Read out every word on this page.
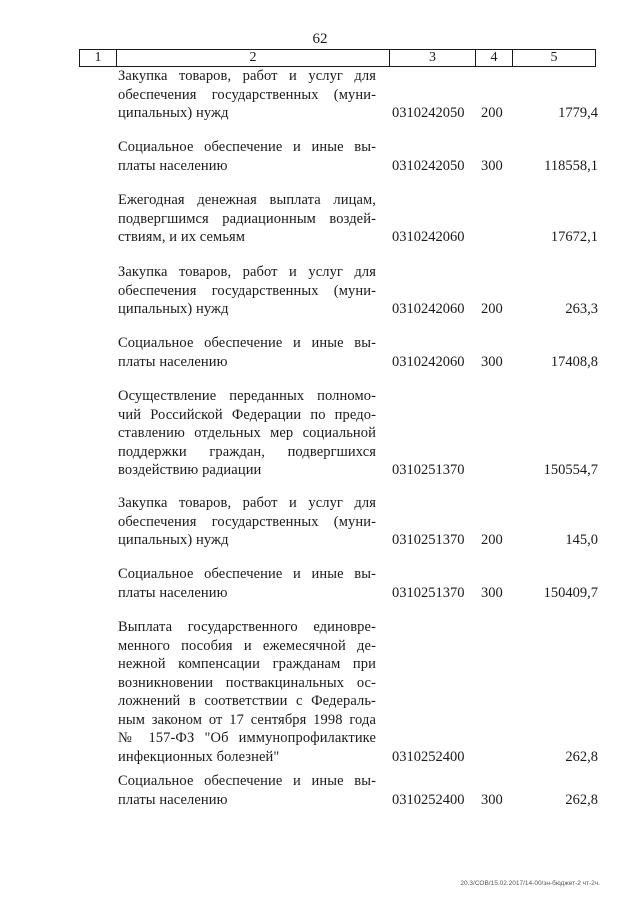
62
1	2	3	4	5
Закупка товаров, работ и услуг для
обеспечения государственных (муни-
ципальных) нужд	0310242050 200	1779,4
Социальное обеспечение и иные вы-
платы населению	0310242050 300	118558,1
Ежегодная денежная выплата лицам,
подвергшимся радиационным воздей-
ствиям, и их семьям	0310242060	17672,1
Закупка товаров, работ и услуг для
обеспечения государственных (муни-
ципальных) нужд	0310242060 200	263,3
Социальное обеспечение и иные вы-
платы населению	0310242060 300	17408,8
Осуществление переданных полномо-
чий Российской Федерации по предо-
ставлению отдельных мер социальной
поддержки граждан, подвергшихся
воздействию радиации	0310251370	150554,7
Закупка товаров, работ и услуг для
обеспечения государственных (муни-
ципальных) нужд	0310251370 200	145,0
Социальное обеспечение и иные вы-
платы населению	0310251370 300	150409,7
Выплата государственного единовре-
менного пособия и ежемесячной де-
нежной компенсации гражданам при
возникновении поствакцинальных ос-
ложнений в соответствии с Федераль-
ным законом от 17 сентября 1998 года
№ 157-ФЗ "Об иммунопрофилактике
инфекционных болезней"	0310252400	262,8
Социальное обеспечение и иные вы-
платы населению	0310252400 300	262,8
20.3/СОВ/15.02.2017/14-00/зн-бюджет-2 чт-2ч.
